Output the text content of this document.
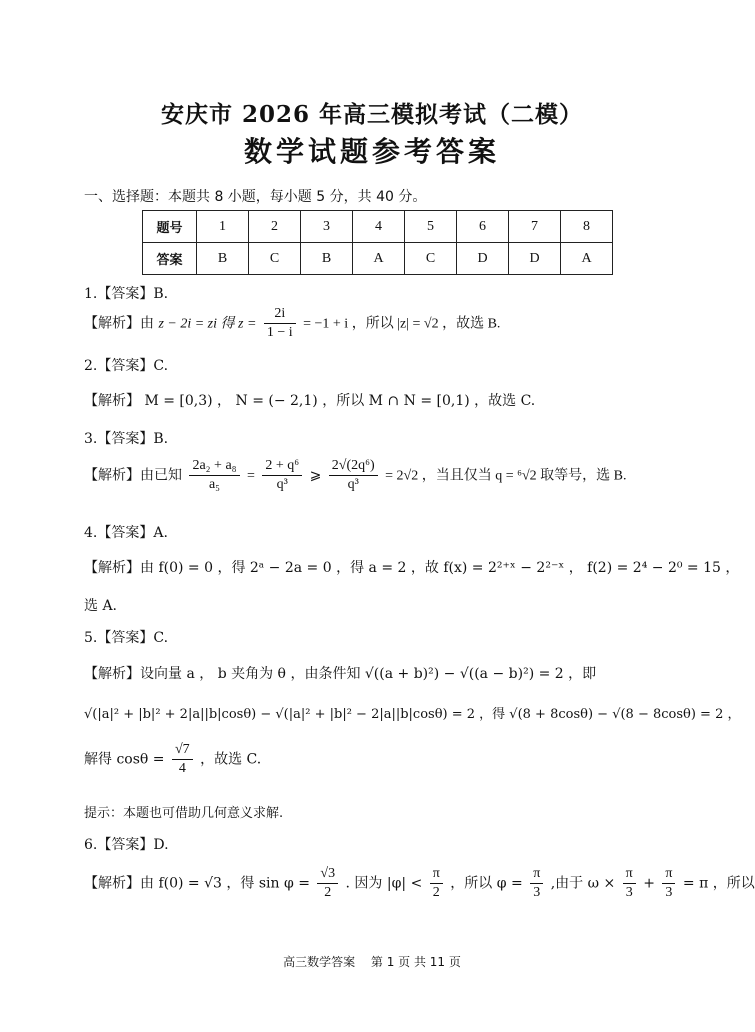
安庆市 2026 年高三模拟考试（二模）
数学试题参考答案
一、选择题：本题共 8 小题，每小题 5 分，共 40 分。
题号	1	2	3	4	5	6	7	8
答案	B	C	B	A	C	D	D	A
1.【答案】B.
【解析】由 z − 2i = zi 得 $z = \frac{2i}{1 - i} = -1 + i$ ，所以 |z| = √2 ，故选 B.
2.【答案】C.
【解析】 M = [0,3) ， N = (− 2,1) ，所以 M ∩ N = [0,1) ，故选 C.
3.【答案】B.
【解析】由已知 $\frac{\text{2a₂ + a₈}}{\text{a₅}} = \frac{\text{2 + q⁶}}{\text{q³}}$ ⩾ $\frac{\text{2√(2q⁶)}}{\text{q³}} = 2√2$ ，当且仅当 q = ⁶√2 取等号，选 B.
4.【答案】A.
【解析】由 f(0) = 0 ，得 2ᵃ − 2a = 0 ，得 a = 2 ，故 f(x) = 2²⁺ˣ − 2²⁻ˣ ， f(2) = 2⁴ − 2⁰ = 15 ，
选 A.
5.【答案】C.
【解析】设向量 a ， b 夹角为 θ ，由条件知 √((a + b)²) − √((a − b)²) = 2 ，即
√(|a|² + |b|² + 2|a||b|cosθ) − √(|a|² + |b|² − 2|a||b|cosθ) = 2 ，得 √(8 + 8cosθ) − √(8 − 8cosθ) = 2 ，
解得 $\cos\theta = \frac{√7}{4}$ ，故选 C.
提示：本题也可借助几何意义求解.
6.【答案】D.
【解析】由 f(0) = √3 ，得 $\sin \varphi = \frac{√3}{2}$ . 因为 $|\varphi| < \frac{\pi}{2}$ ，所以 $\varphi = \frac{\pi}{3}$ ,由于 $\omega \times \frac{\pi}{3} + \frac{\pi}{3} = \pi$ ，所以
高三数学答案　 第 1 页 共 11 页
